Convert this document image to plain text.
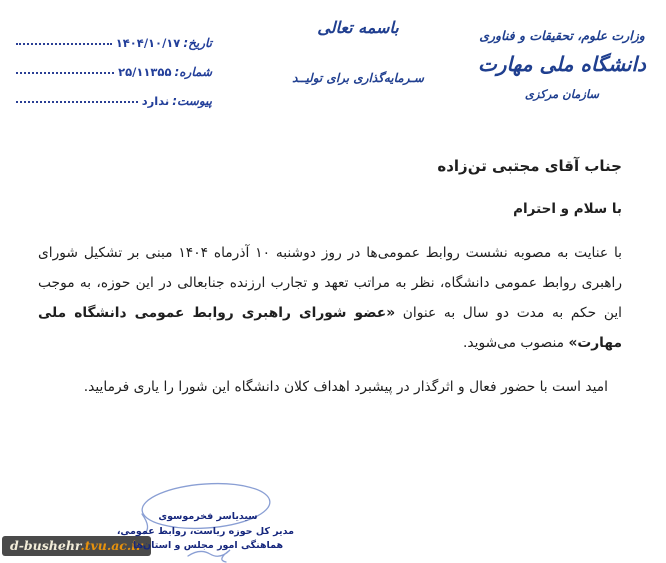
وزارت علوم، تحقیقات و فناوری
دانشگاه ملی مهارت
سازمان مرکزی
باسمه تعالی
سـرمایه‌گذاری برای تولیــد
تاریخ:
۱۴۰۴/۱۰/۱۷
شماره:
۲۵/۱۱۳۵۵
پیوست:
ندارد
جناب آقای مجتبی تن‌زاده
با سلام و احترام

با عنایت به مصوبه نشست روابط عمومی‌ها در روز دوشنبه ۱۰ آذرماه ۱۴۰۴ مبنی بر تشکیل شورای راهبری روابط عمومی دانشگاه، نظر به مراتب تعهد و تجارب ارزنده جنابعالی در این حوزه، به موجب این حکم به مدت دو سال به عنوان «عضو شورای راهبری روابط عمومی دانشگاه ملی مهارت» منصوب می‌شوید.

امید است با حضور فعال و اثرگذار در پیشبرد اهداف کلان دانشگاه این شورا را یاری فرمایید.

سیدیاسر فخرموسوی
مدیر کل حوزه ریاست، روابط عمومی،
هماهنگی امور مجلس و استان‌ها
d-bushehr.tvu.ac.ir
